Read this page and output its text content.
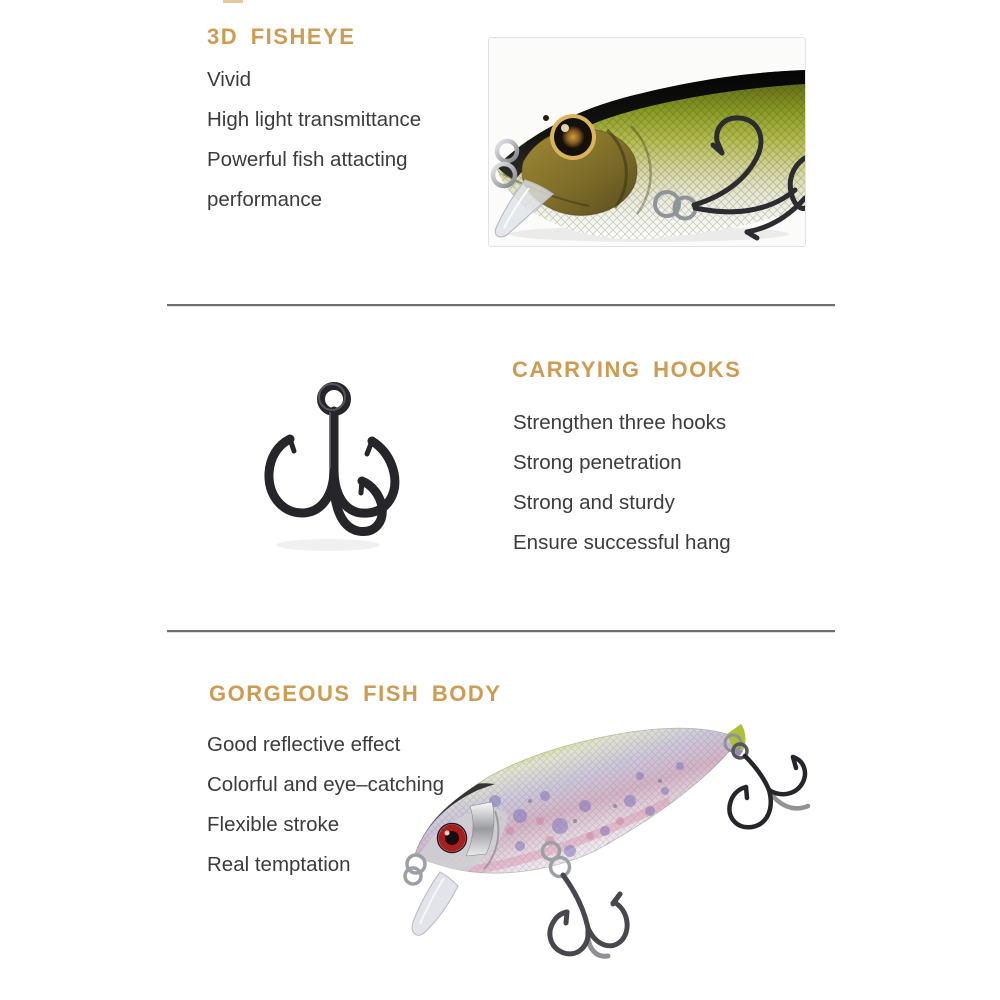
3D FISHEYE
Vivid
High light transmittance
Powerful fish attacting
performance
CARRYING HOOKS
Strengthen three hooks
Strong penetration
Strong and sturdy
Ensure successful hang
GORGEOUS FISH BODY
Good reflective effect
Colorful and eye–catching
Flexible stroke
Real temptation
